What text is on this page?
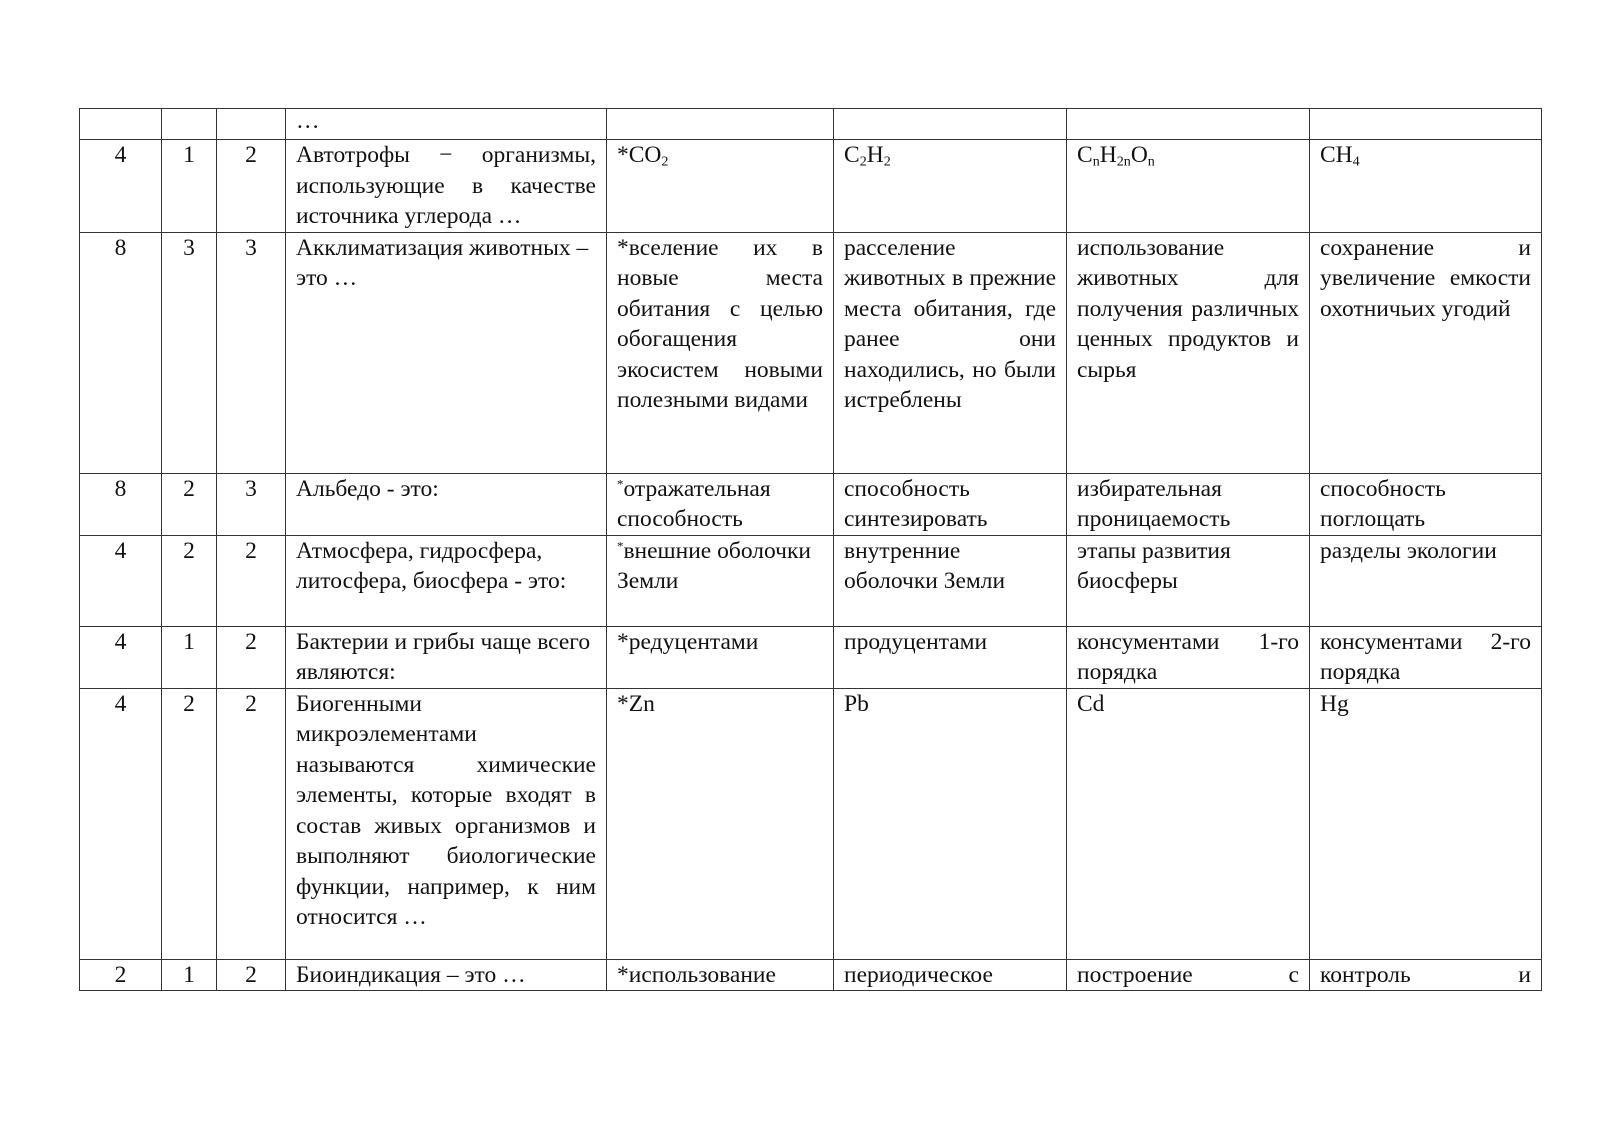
			…				
4	1	2	Автотрофы − организмы, использующие в качестве источника углерода …	$*CO_2$	$C_2H_2$	$C_nH_{2n}O_n$	$CH_4$
8	3	3	Акклиматизация животных – это …	*вселение их в новые места обитания с целью обогащения экосистем новыми полезными видами	расселение животных в прежние места обитания, где ранее они находились, но были истреблены	использование животных для получения различных ценных продуктов и сырья	сохранение и увеличение емкости охотничьих угодий
8	2	3	Альбедо - это:	*отражательная способность	способность синтезировать	избирательная проницаемость	способность поглощать
4	2	2	Атмосфера, гидросфера, литосфера, биосфера - это:	*внешние оболочки Земли	внутренние оболочки Земли	этапы развития биосферы	разделы экологии
4	1	2	Бактерии и грибы чаще всего являются:	*редуцентами	продуцентами	консументами 1-го порядка	консументами 2-го порядка
4	2	2	Биогенными микроэлементами называются химические элементы, которые входят в состав живых организмов и выполняют биологические функции, например, к ним относится …	*Zn	Pb	Cd	Hg
2	1	2	Биоиндикация – это …	*использование	периодическое	построение с	контроль и
